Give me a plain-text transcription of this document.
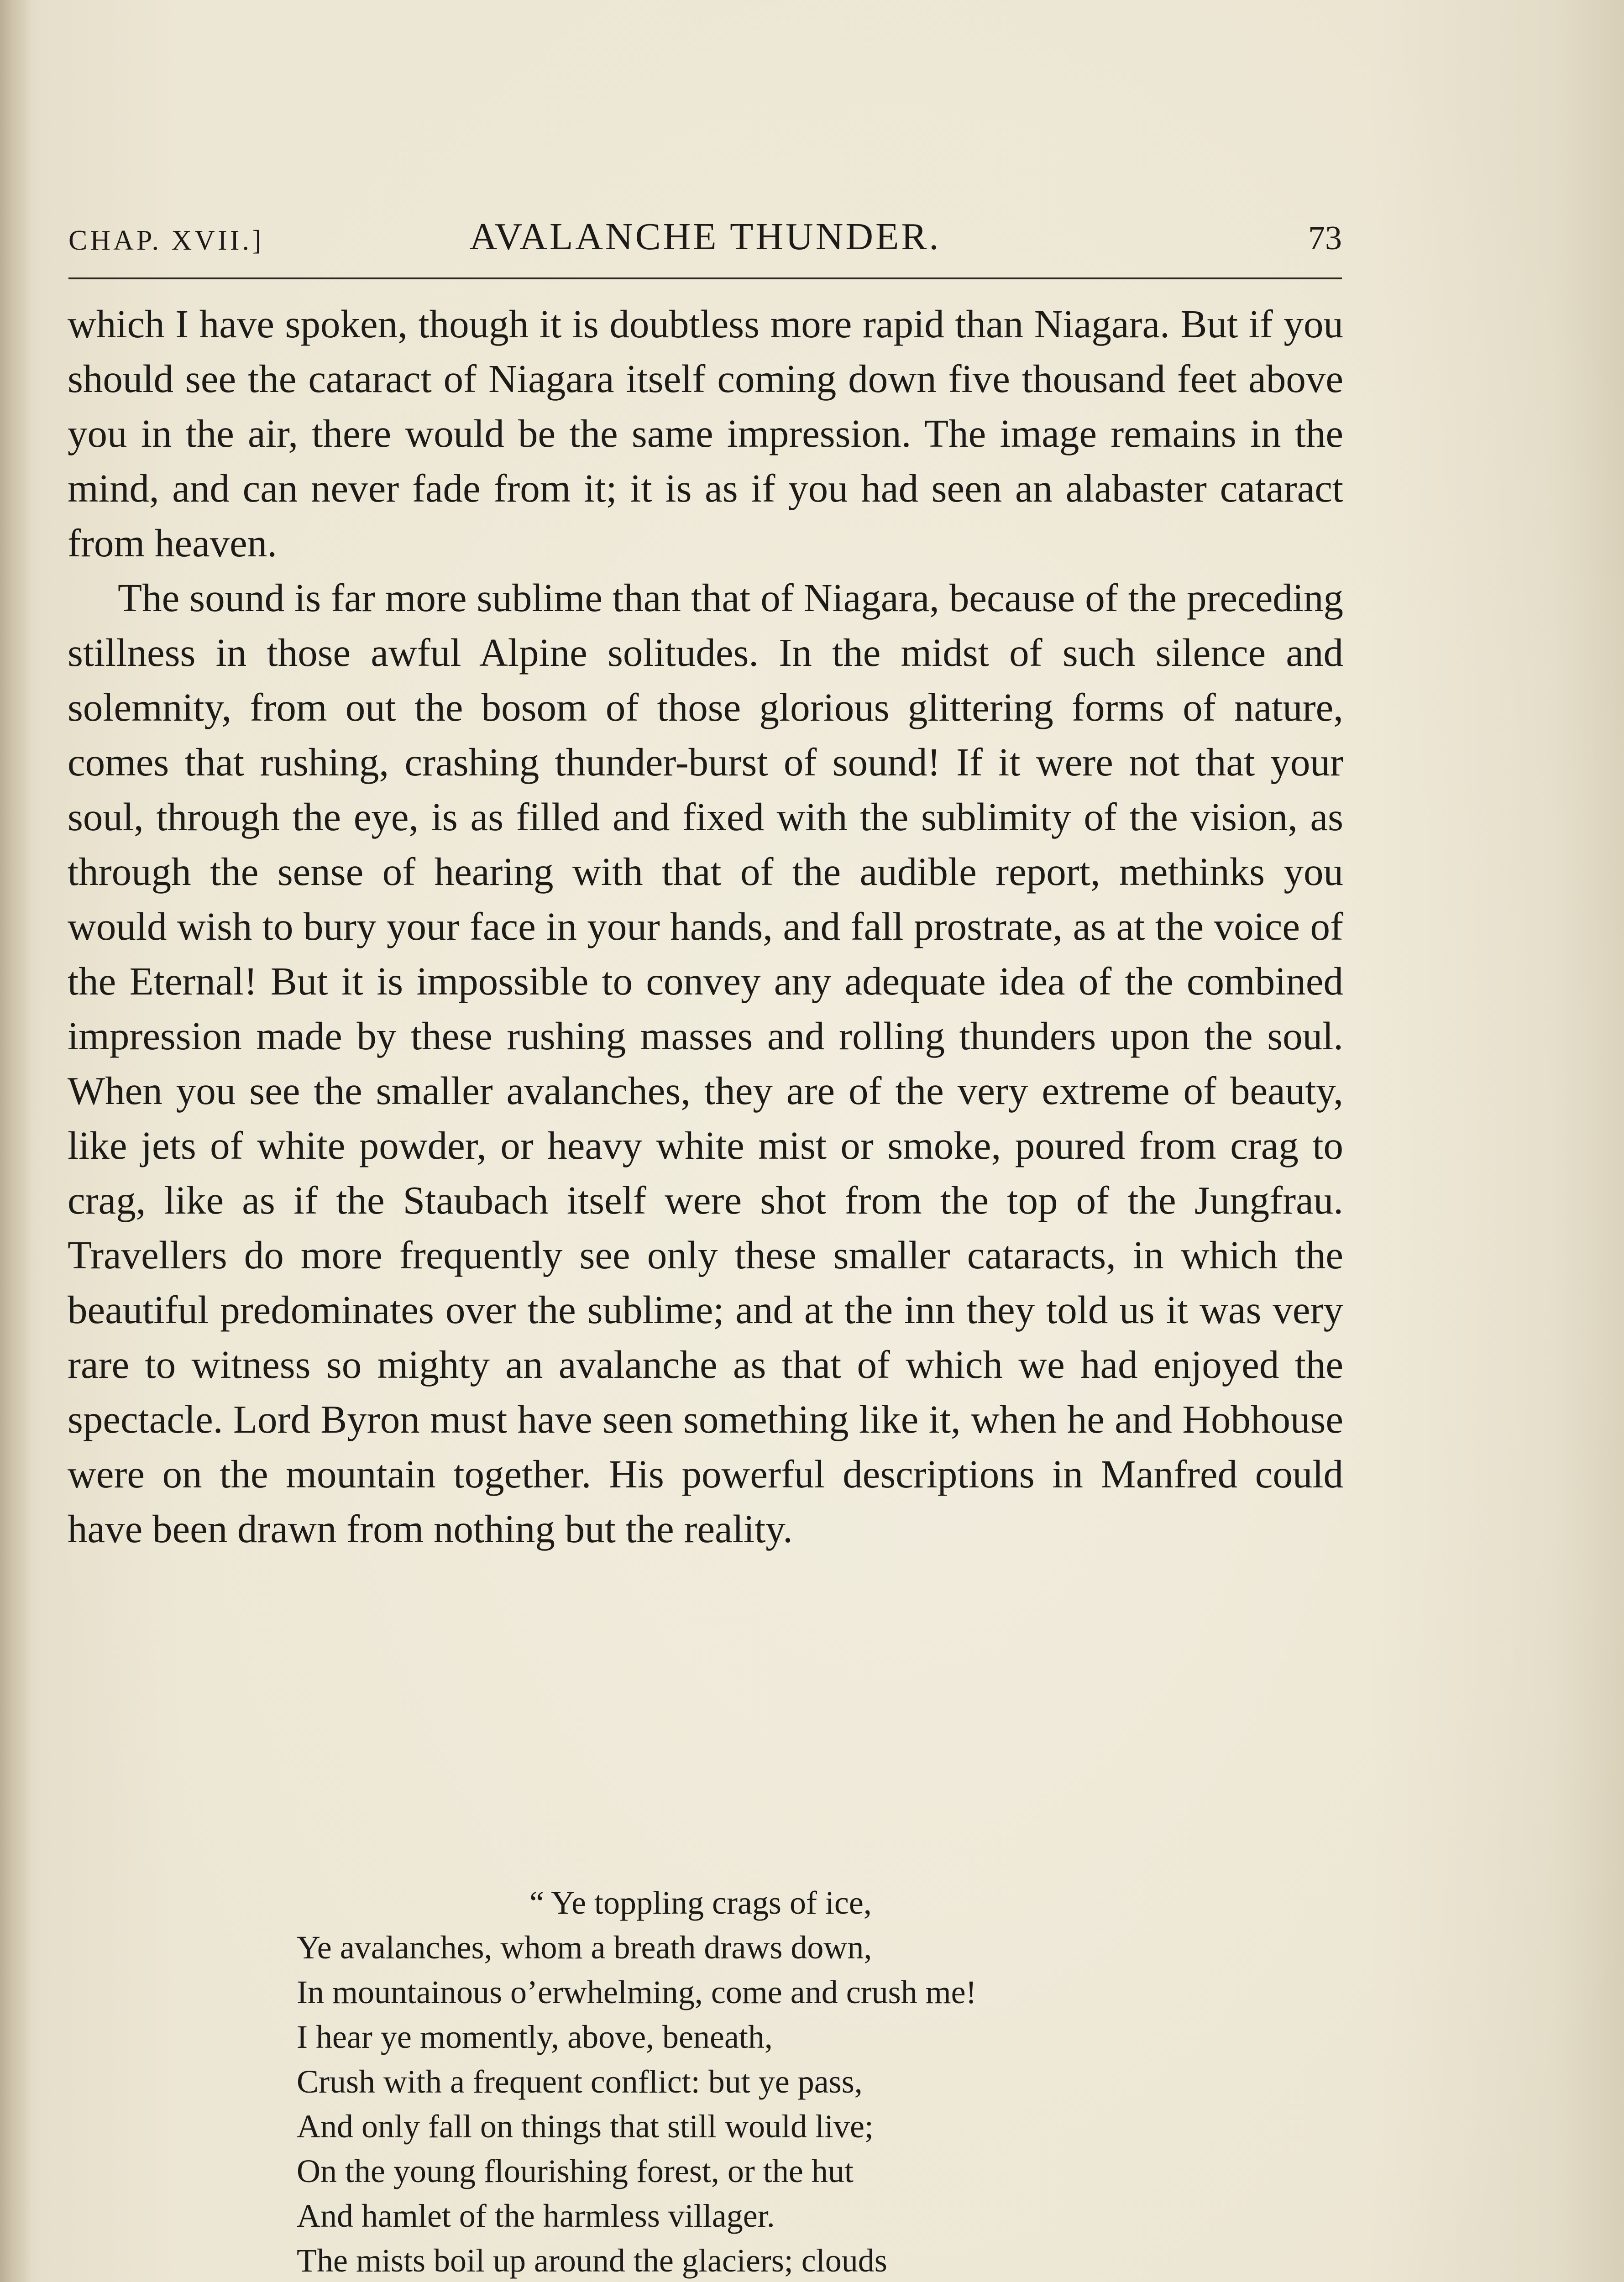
CHAP. XVII.]	AVALANCHE THUNDER.	73

which I have spoken, though it is doubtless more rapid than Niagara. But if you should see the cataract of Niagara itself coming down five thousand feet above you in the air, there would be the same impression. The image remains in the mind, and can never fade from it; it is as if you had seen an alabaster cataract from heaven.

The sound is far more sublime than that of Niagara, because of the preceding stillness in those awful Alpine solitudes. In the midst of such silence and solemnity, from out the bosom of those glorious glittering forms of nature, comes that rushing, crashing thunder-burst of sound! If it were not that your soul, through the eye, is as filled and fixed with the sublimity of the vision, as through the sense of hearing with that of the audible report, methinks you would wish to bury your face in your hands, and fall prostrate, as at the voice of the Eternal! But it is impossible to convey any adequate idea of the combined impression made by these rushing masses and rolling thunders upon the soul. When you see the smaller avalanches, they are of the very extreme of beauty, like jets of white powder, or heavy white mist or smoke, poured from crag to crag, like as if the Staubach itself were shot from the top of the Jungfrau. Travellers do more frequently see only these smaller cataracts, in which the beautiful predominates over the sublime; and at the inn they told us it was very rare to witness so mighty an avalanche as that of which we had enjoyed the spectacle. Lord Byron must have seen something like it, when he and Hobhouse were on the mountain together. His powerful descriptions in Manfred could have been drawn from nothing but the reality.

“ Ye toppling crags of ice,
Ye avalanches, whom a breath draws down,
In mountainous o’erwhelming, come and crush me!
I hear ye momently, above, beneath,
Crush with a frequent conflict: but ye pass,
And only fall on things that still would live;
On the young flourishing forest, or the hut
And hamlet of the harmless villager.
The mists boil up around the glaciers; clouds
